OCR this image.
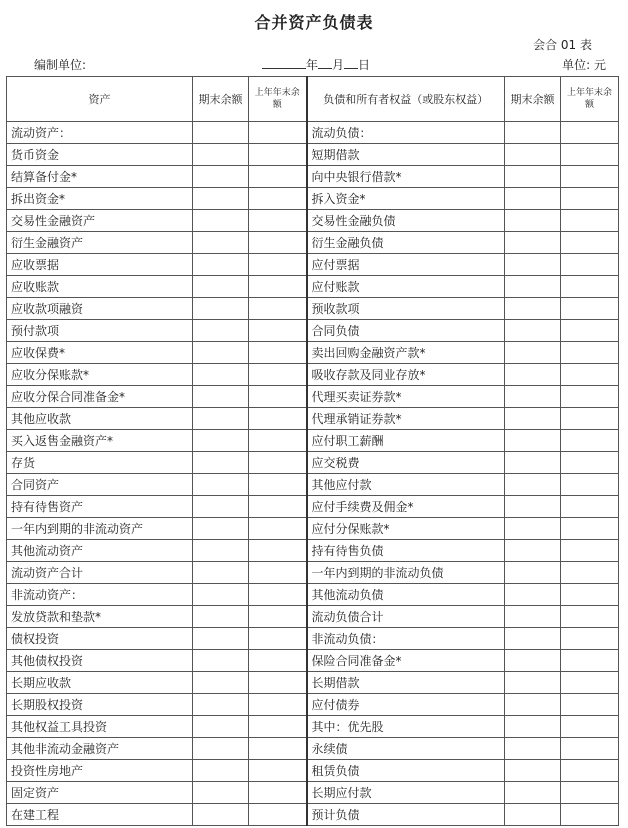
合并资产负债表
会合 01 表
编制单位:	年 月 日	单位: 元
资产	期末余额	上年年末余额	负债和所有者权益（或股东权益）	期末余额	上年年末余额
流动资产：			流动负债：		
货币资金			短期借款		
结算备付金*			向中央银行借款*		
拆出资金*			拆入资金*		
交易性金融资产			交易性金融负债		
衍生金融资产			衍生金融负债		
应收票据			应付票据		
应收账款			应付账款		
应收款项融资			预收款项		
预付款项			合同负债		
应收保费*			卖出回购金融资产款*		
应收分保账款*			吸收存款及同业存放*		
应收分保合同准备金*			代理买卖证券款*		
其他应收款			代理承销证券款*		
买入返售金融资产*			应付职工薪酬		
存货			应交税费		
合同资产			其他应付款		
持有待售资产			应付手续费及佣金*		
一年内到期的非流动资产			应付分保账款*		
其他流动资产			持有待售负债		
流动资产合计			一年内到期的非流动负债		
非流动资产：			其他流动负债		
发放贷款和垫款*			流动负债合计		
债权投资			非流动负债：		
其他债权投资			保险合同准备金*		
长期应收款			长期借款		
长期股权投资			应付债券		
其他权益工具投资			其中：优先股		
其他非流动金融资产			永续债		
投资性房地产			租赁负债		
固定资产			长期应付款		
在建工程			预计负债		
